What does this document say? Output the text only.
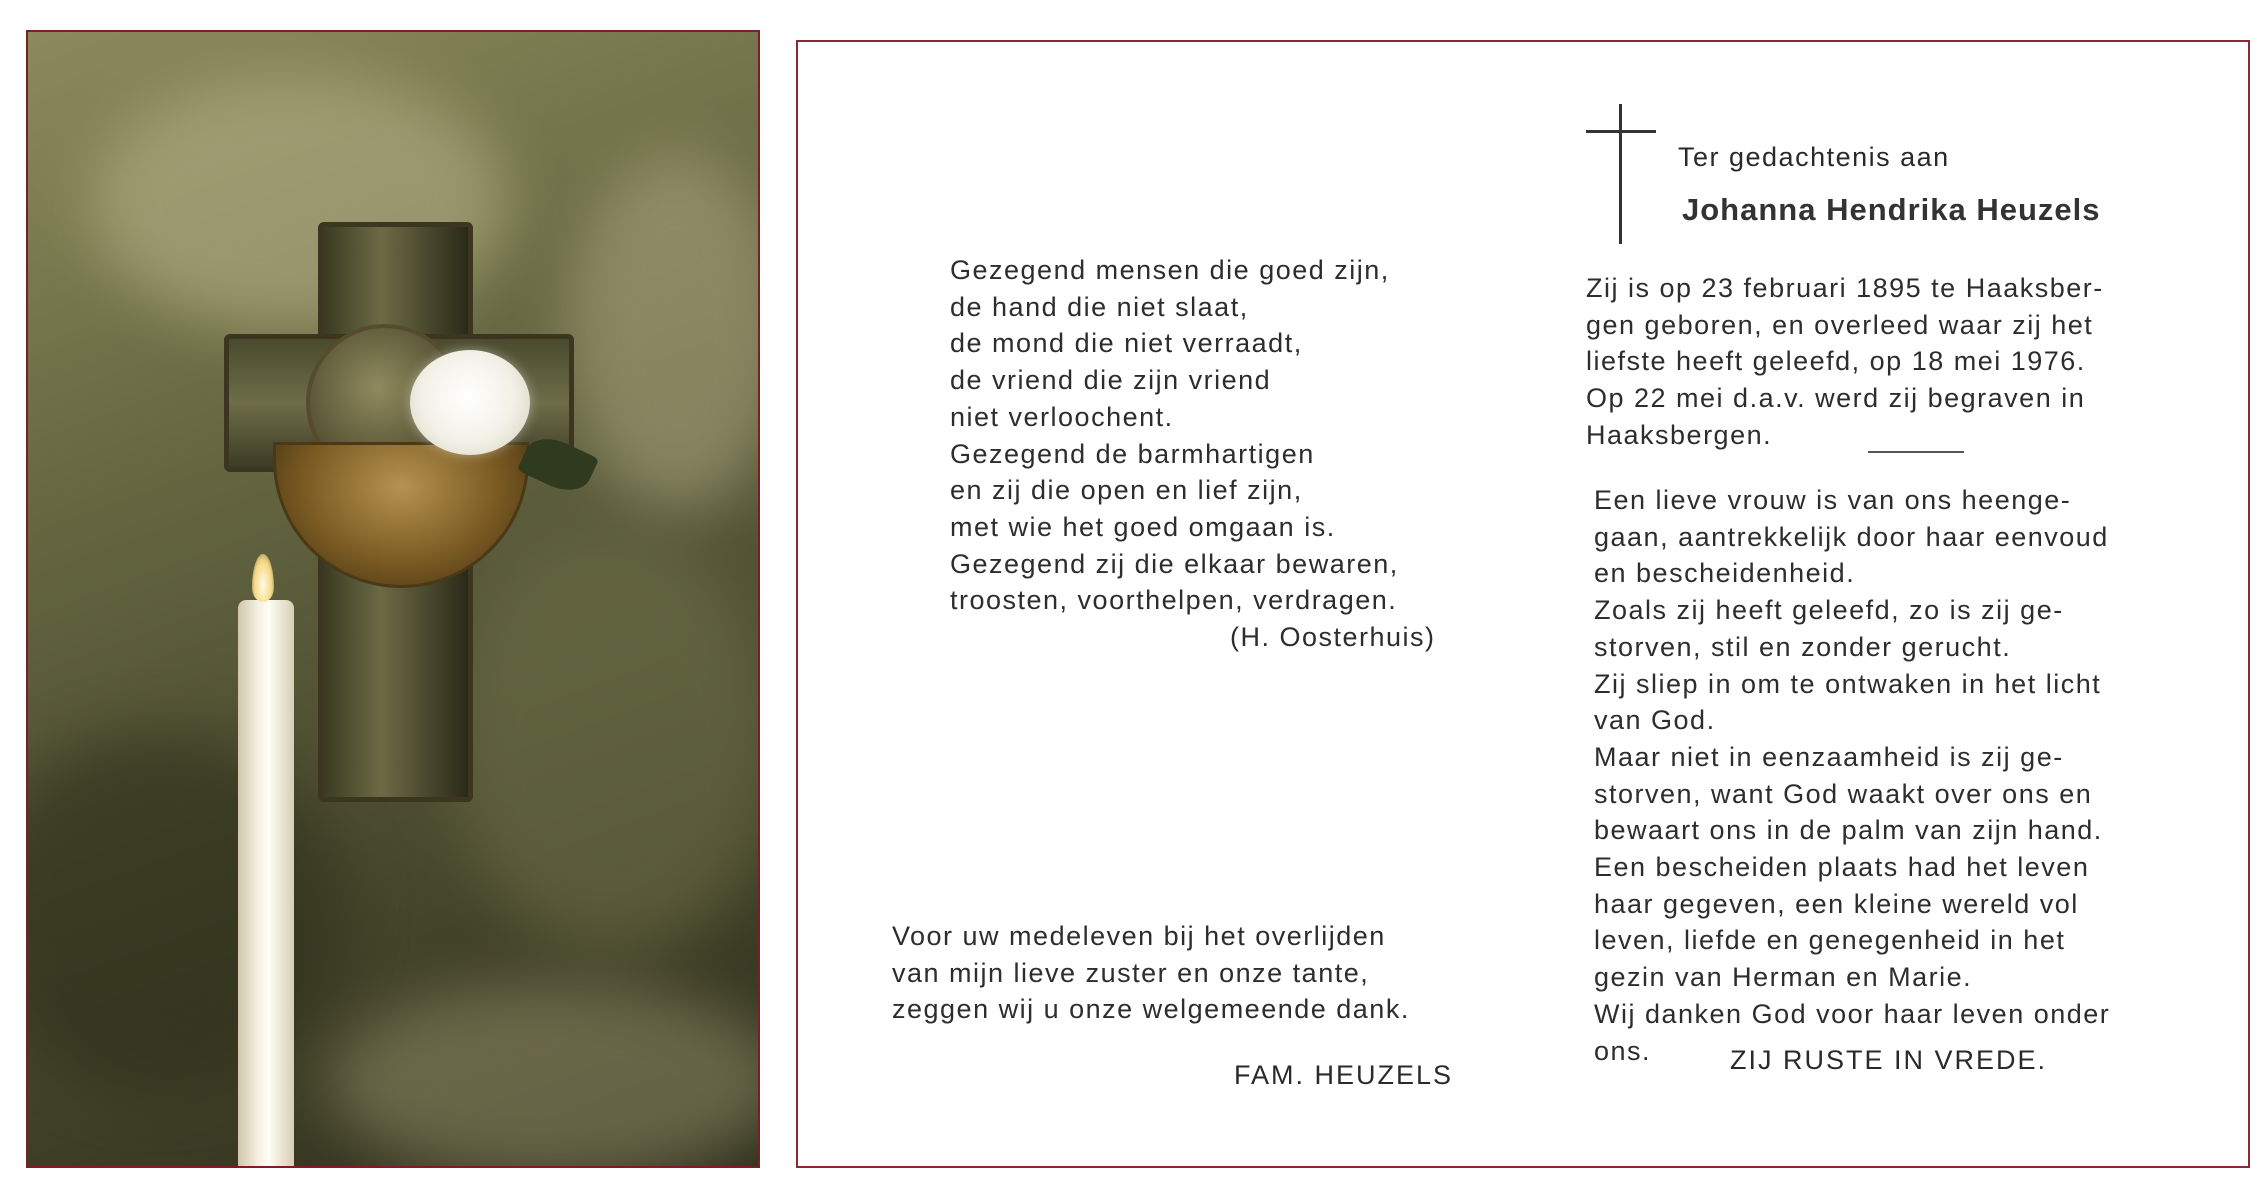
Gezegend mensen die goed zijn,
de hand die niet slaat,
de mond die niet verraadt,
de vriend die zijn vriend
niet verloochent.
Gezegend de barmhartigen
en zij die open en lief zijn,
met wie het goed omgaan is.
Gezegend zij die elkaar bewaren,
troosten, voorthelpen, verdragen.
(H. Oosterhuis)
Voor uw medeleven bij het overlijden
van mijn lieve zuster en onze tante,
zeggen wij u onze welgemeende dank.
FAM. HEUZELS
Ter gedachtenis aan
Johanna Hendrika Heuzels
Zij is op 23 februari 1895 te Haaksber-
gen geboren, en overleed waar zij het
liefste heeft geleefd, op 18 mei 1976.
Op 22 mei d.a.v. werd zij begraven in
Haaksbergen.
Een lieve vrouw is van ons heenge-
gaan, aantrekkelijk door haar eenvoud
en bescheidenheid.
Zoals zij heeft geleefd, zo is zij ge-
storven, stil en zonder gerucht.
Zij sliep in om te ontwaken in het licht
van God.
Maar niet in eenzaamheid is zij ge-
storven, want God waakt over ons en
bewaart ons in de palm van zijn hand.
Een bescheiden plaats had het leven
haar gegeven, een kleine wereld vol
leven, liefde en genegenheid in het
gezin van Herman en Marie.
Wij danken God voor haar leven onder
ons.	ZIJ RUSTE IN VREDE.
